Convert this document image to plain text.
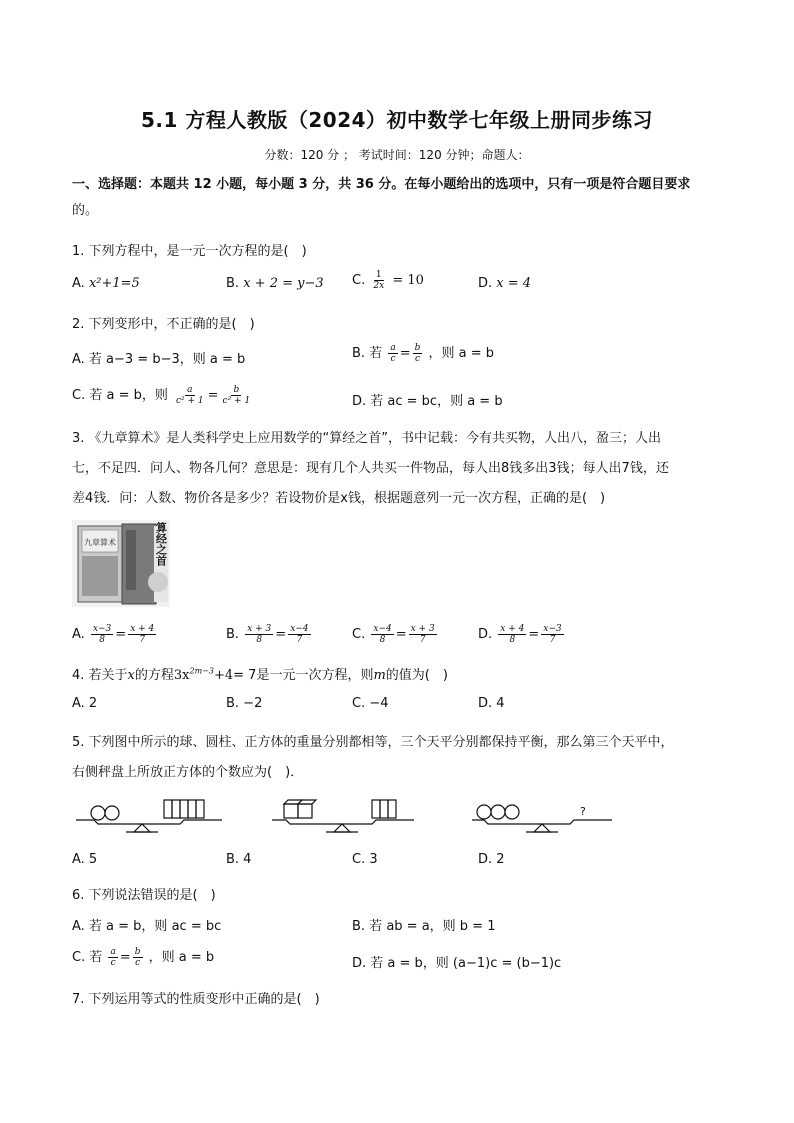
5.1 方程人教版（2024）初中数学七年级上册同步练习
分数：120 分 ； 考试时间：120 分钟；命题人：
一、选择题：本题共 12 小题，每小题 3 分，共 36 分。在每小题给出的选项中，只有一项是符合题目要求
的。
1. 下列方程中，是一元一次方程的是(　)
A. x²+1=5	B. x + 2 = y−3 C. $\frac{1}{2x} = 10$	D. x = 4
2. 下列变形中，不正确的是(　)
A. 若 a−3 = b−3，则 a = b	B. 若 $\frac{a}{c} = \frac{b}{c}$ ，则 a = b
C. 若 a = b，则 $\frac{a}{\text{c² + 1}} = \frac{b}{\text{c² + 1}}$	D. 若 ac = bc，则 a = b
3. 《九章算术》是人类科学史上应用数学的“算经之首”，书中记载：今有共买物，人出八，盈三；人出
七，不足四．问人、物各几何？意思是：现有几个人共买一件物品，每人出8钱多出3钱；每人出7钱，还
差4钱．问：人数、物价各是多少？若设物价是x钱，根据题意列一元一次方程，正确的是(　)
九章算术	算经之首
A. $\frac{x-3}{8} = \frac{x + 4}{7}$	B. $\frac{x + 3}{8} = \frac{x-4}{7}$	C. $\frac{x-4}{8} = \frac{x + 3}{7}$	D. $\frac{x + 4}{8} = \frac{x-3}{7}$
4. 若关于x的方程$3x^{2m-3}+4= 7$是一元一次方程，则m的值为(　)
A. 2	B. −2	C. −4	D. 4
5. 下列图中所示的球、圆柱、正方体的重量分别都相等，三个天平分别都保持平衡，那么第三个天平中，
右侧秤盘上所放正方体的个数应为(　)．
?
A. 5	B. 4	C. 3	D. 2
6. 下列说法错误的是(　)
A. 若 a = b，则 ac = bc	B. 若 ab = a，则 b = 1
C. 若 $\frac{a}{c} = \frac{b}{c}$ ，则 a = b	D. 若 a = b，则 (a−1)c = (b−1)c
7. 下列运用等式的性质变形中正确的是(　)
